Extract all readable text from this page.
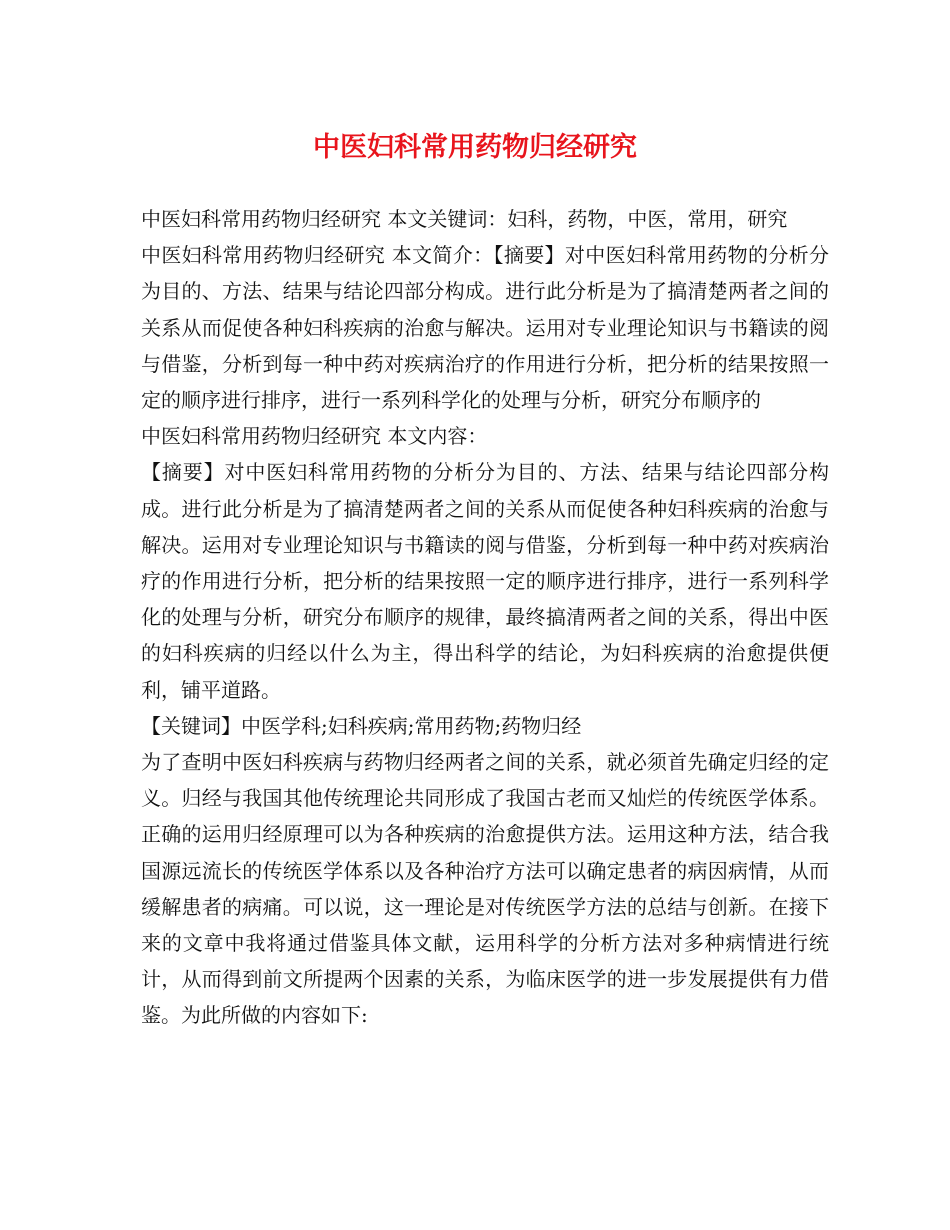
中医妇科常用药物归经研究

中医妇科常用药物归经研究 本文关键词：妇科，药物，中医，常用，研究

中医妇科常用药物归经研究 本文简介：【摘要】对中医妇科常用药物的分析分为目的、方法、结果与结论四部分构成。进行此分析是为了搞清楚两者之间的关系从而促使各种妇科疾病的治愈与解决。运用对专业理论知识与书籍读的阅与借鉴，分析到每一种中药对疾病治疗的作用进行分析，把分析的结果按照一定的顺序进行排序，进行一系列科学化的处理与分析，研究分布顺序的

中医妇科常用药物归经研究 本文内容：

【摘要】对中医妇科常用药物的分析分为目的、方法、结果与结论四部分构成。进行此分析是为了搞清楚两者之间的关系从而促使各种妇科疾病的治愈与解决。运用对专业理论知识与书籍读的阅与借鉴，分析到每一种中药对疾病治疗的作用进行分析，把分析的结果按照一定的顺序进行排序，进行一系列科学化的处理与分析，研究分布顺序的规律，最终搞清两者之间的关系，得出中医的妇科疾病的归经以什么为主，得出科学的结论，为妇科疾病的治愈提供便利，铺平道路。

【关键词】中医学科;妇科疾病;常用药物;药物归经

为了查明中医妇科疾病与药物归经两者之间的关系，就必须首先确定归经的定义。归经与我国其他传统理论共同形成了我国古老而又灿烂的传统医学体系。正确的运用归经原理可以为各种疾病的治愈提供方法。运用这种方法，结合我国源远流长的传统医学体系以及各种治疗方法可以确定患者的病因病情，从而缓解患者的病痛。可以说，这一理论是对传统医学方法的总结与创新。在接下来的文章中我将通过借鉴具体文献，运用科学的分析方法对多种病情进行统计，从而得到前文所提两个因素的关系，为临床医学的进一步发展提供有力借鉴。为此所做的内容如下:
